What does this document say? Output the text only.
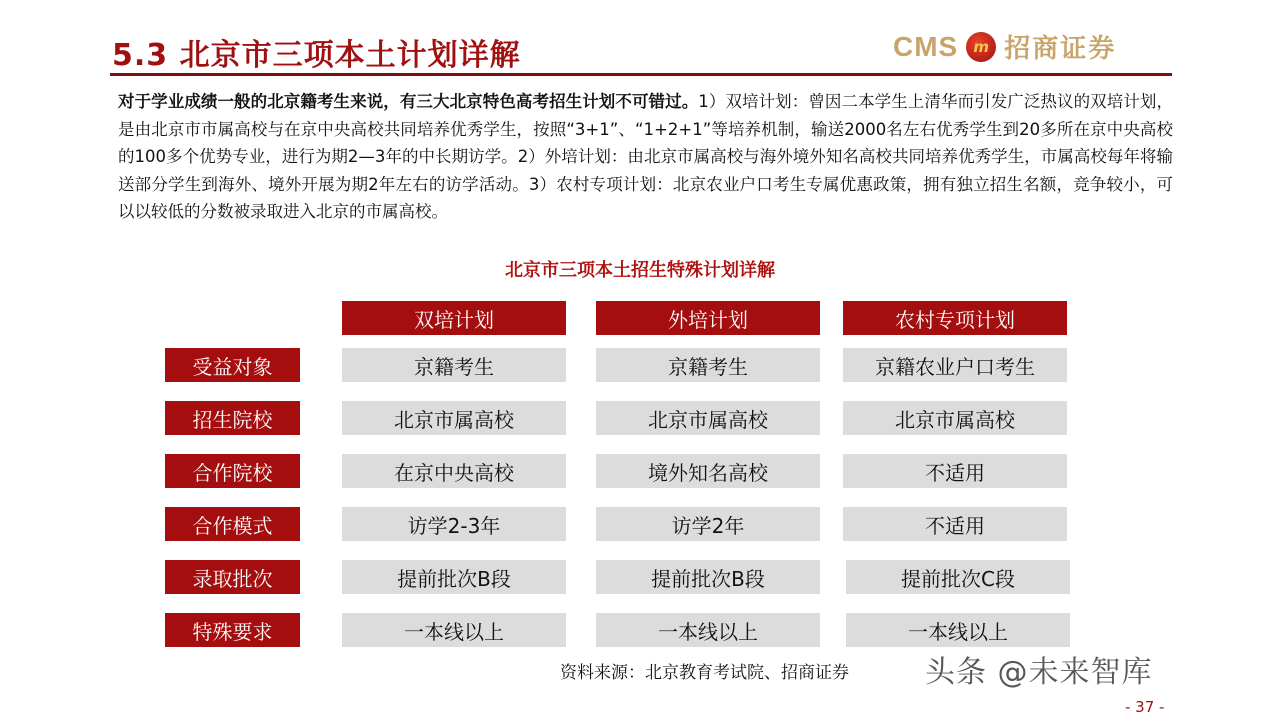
5.3 北京市三项本土计划详解	CMS	m 招商证券
对于学业成绩一般的北京籍考生来说，有三大北京特色高考招生计划不可错过。1）双培计划：曾因二本学生上清华而引发广泛热议的双培计划，是由北京市市属高校与在京中央高校共同培养优秀学生，按照“3+1”、“1+2+1”等培养机制，输送2000名左右优秀学生到20多所在京中央高校的100多个优势专业，进行为期2—3年的中长期访学。2）外培计划：由北京市属高校与海外境外知名高校共同培养优秀学生，市属高校每年将输送部分学生到海外、境外开展为期2年左右的访学活动。3）农村专项计划：北京农业户口考生专属优惠政策，拥有独立招生名额，竞争较小，可以以较低的分数被录取进入北京的市属高校。
北京市三项本土招生特殊计划详解
双培计划	外培计划	农村专项计划
受益对象	京籍考生	京籍考生	京籍农业户口考生
招生院校	北京市属高校	北京市属高校	北京市属高校
合作院校	在京中央高校	境外知名高校	不适用
合作模式	访学2-3年	访学2年	不适用
录取批次	提前批次B段	提前批次B段	提前批次C段
特殊要求	一本线以上	一本线以上	一本线以上
资料来源：北京教育考试院、招商证券	头条 @未来智库
- 37 -
